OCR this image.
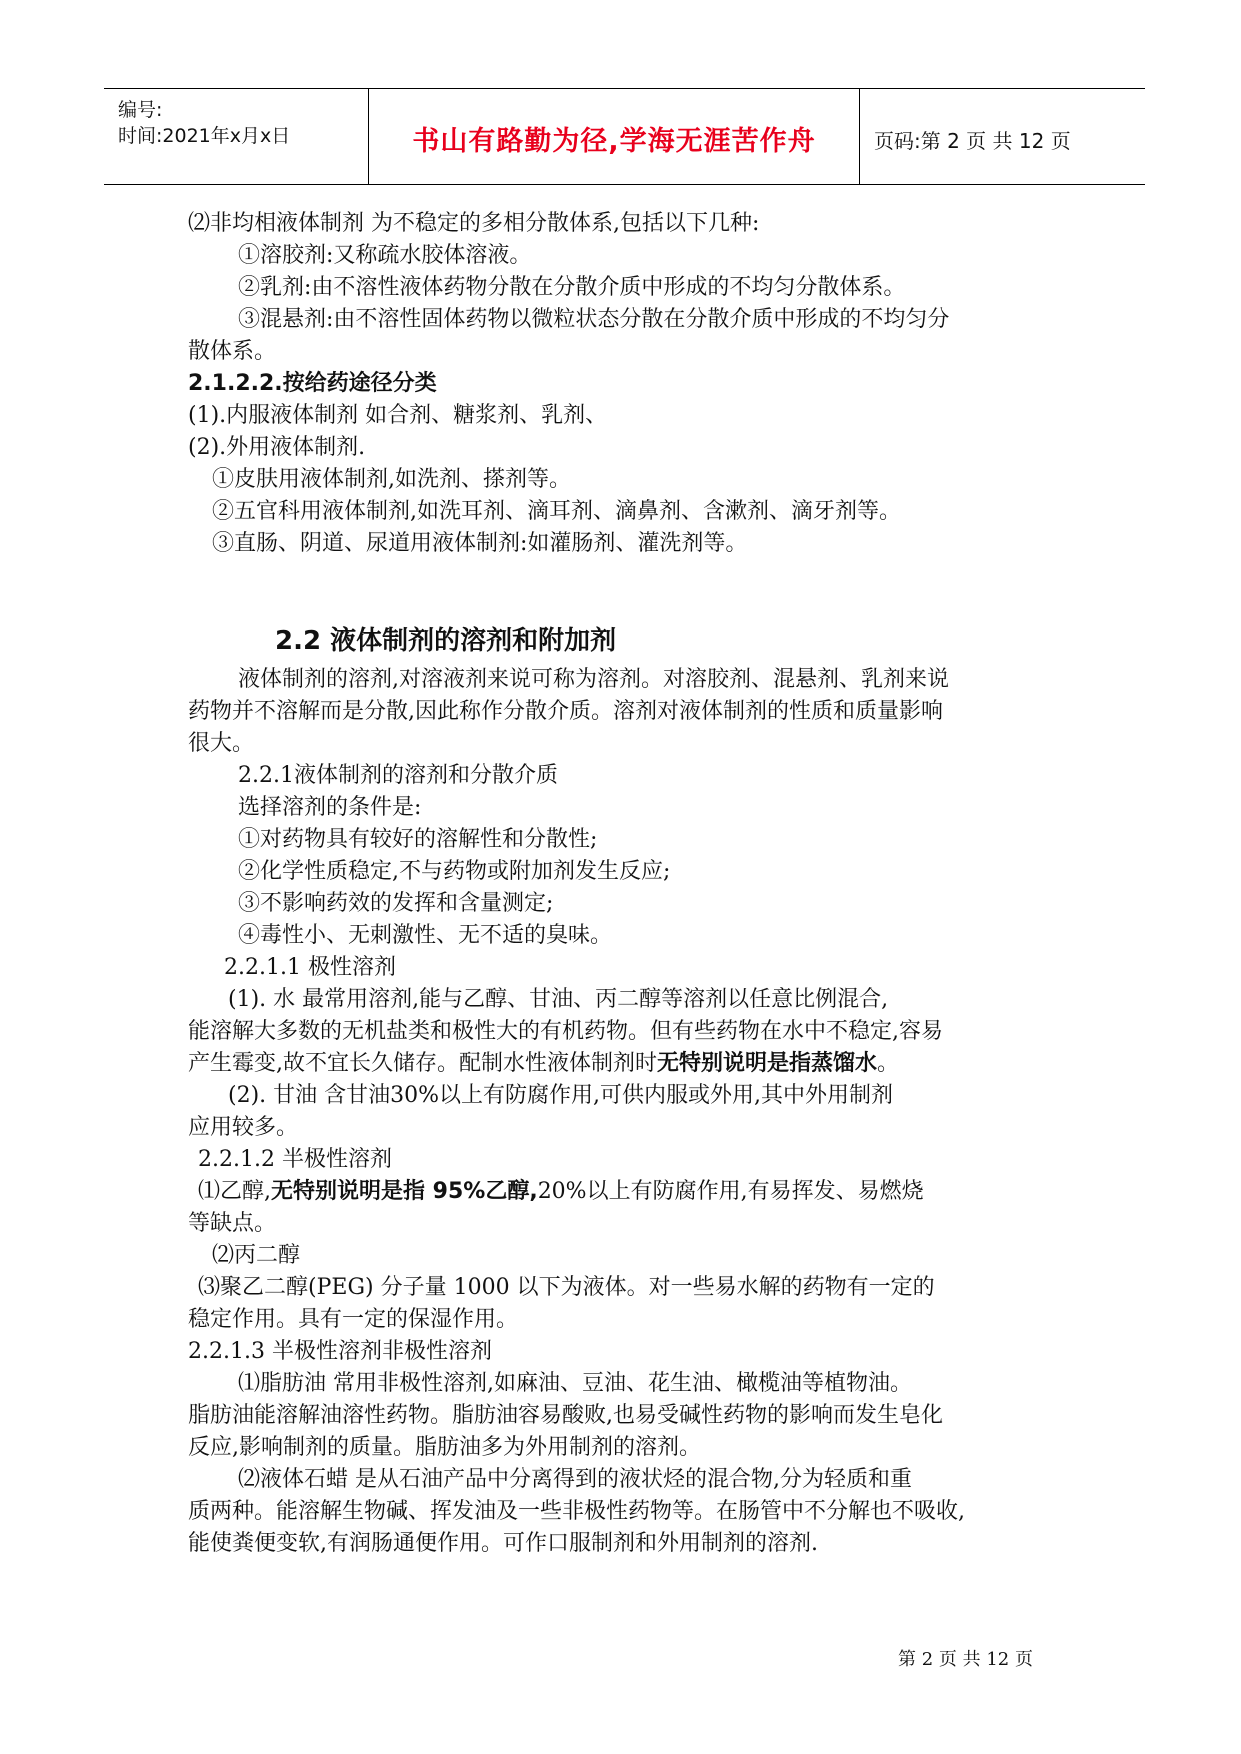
编号:
时间:2021年x月x日	书山有路勤为径,学海无涯苦作舟	页码:第 2 页 共 12 页
⑵非均相液体制剂 为不稳定的多相分散体系,包括以下几种:
①溶胶剂:又称疏水胶体溶液。
②乳剂:由不溶性液体药物分散在分散介质中形成的不均匀分散体系。
③混悬剂:由不溶性固体药物以微粒状态分散在分散介质中形成的不均匀分
散体系。
2.1.2.2.按给药途径分类
(1).内服液体制剂 如合剂、糖浆剂、乳剂、
(2).外用液体制剂.
①皮肤用液体制剂,如洗剂、搽剂等。
②五官科用液体制剂,如洗耳剂、滴耳剂、滴鼻剂、含漱剂、滴牙剂等。
③直肠、阴道、尿道用液体制剂:如灌肠剂、灌洗剂等。
2.2 液体制剂的溶剂和附加剂
液体制剂的溶剂,对溶液剂来说可称为溶剂。对溶胶剂、混悬剂、乳剂来说
药物并不溶解而是分散,因此称作分散介质。溶剂对液体制剂的性质和质量影响
很大。
2.2.1液体制剂的溶剂和分散介质
选择溶剂的条件是:
①对药物具有较好的溶解性和分散性;
②化学性质稳定,不与药物或附加剂发生反应;
③不影响药效的发挥和含量测定;
④毒性小、无刺激性、无不适的臭味。
2.2.1.1 极性溶剂
(1). 水 最常用溶剂,能与乙醇、甘油、丙二醇等溶剂以任意比例混合,
能溶解大多数的无机盐类和极性大的有机药物。但有些药物在水中不稳定,容易
产生霉变,故不宜长久储存。配制水性液体制剂时无特别说明是指蒸馏水。
(2). 甘油 含甘油30%以上有防腐作用,可供内服或外用,其中外用制剂
应用较多。
2.2.1.2 半极性溶剂
⑴乙醇,无特别说明是指 95%乙醇,20%以上有防腐作用,有易挥发、易燃烧
等缺点。
⑵丙二醇
⑶聚乙二醇(PEG) 分子量 1000 以下为液体。对一些易水解的药物有一定的
稳定作用。具有一定的保湿作用。
2.2.1.3 半极性溶剂非极性溶剂
⑴脂肪油 常用非极性溶剂,如麻油、豆油、花生油、橄榄油等植物油。
脂肪油能溶解油溶性药物。脂肪油容易酸败,也易受碱性药物的影响而发生皂化
反应,影响制剂的质量。脂肪油多为外用制剂的溶剂。
⑵液体石蜡 是从石油产品中分离得到的液状烃的混合物,分为轻质和重
质两种。能溶解生物碱、挥发油及一些非极性药物等。在肠管中不分解也不吸收,
能使粪便变软,有润肠通便作用。可作口服制剂和外用制剂的溶剂.
第 2 页 共 12 页
